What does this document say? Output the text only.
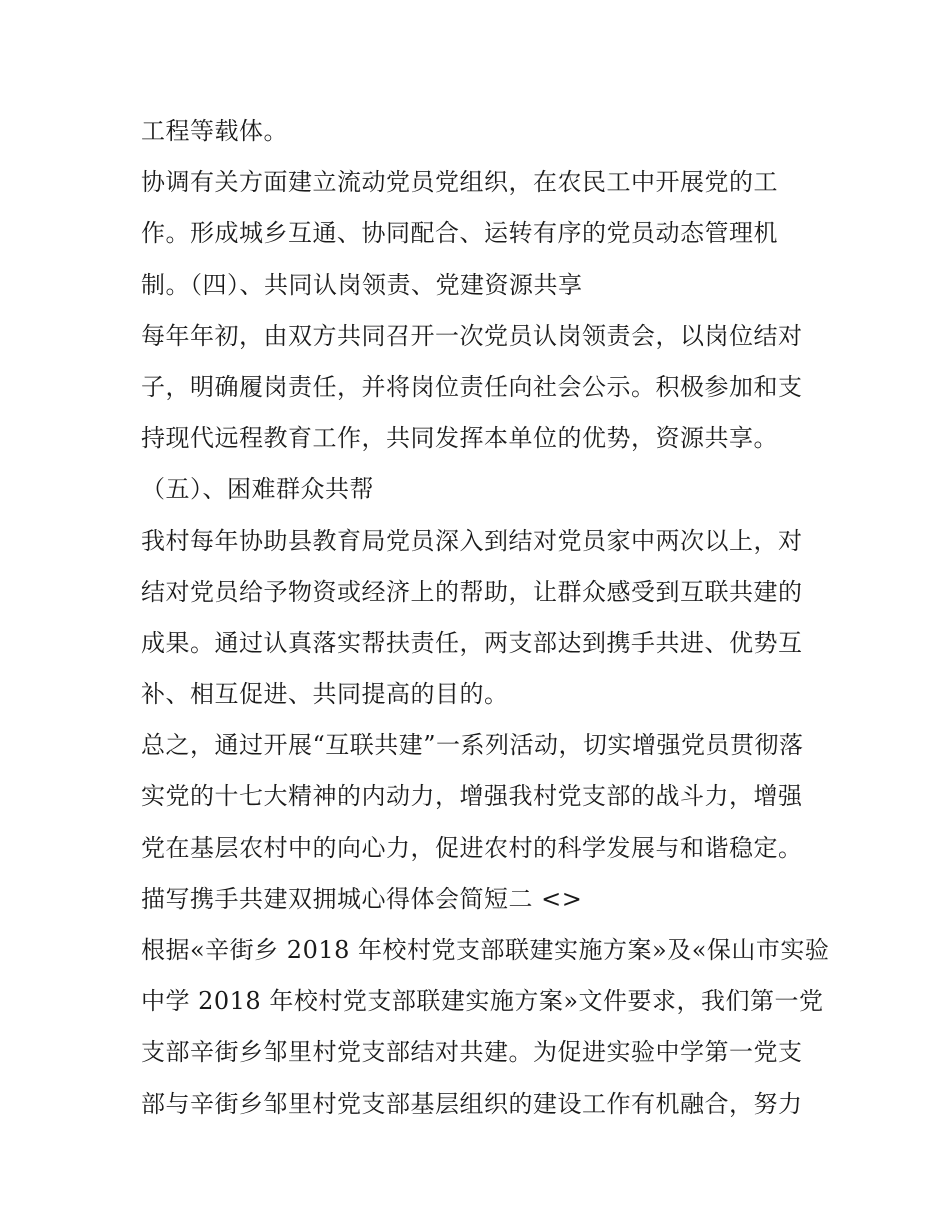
工程等载体。
协调有关方面建立流动党员党组织，在农民工中开展党的工
作。形成城乡互通、协同配合、运转有序的党员动态管理机
制。（四）、共同认岗领责、党建资源共享
每年年初，由双方共同召开一次党员认岗领责会，以岗位结对
子，明确履岗责任，并将岗位责任向社会公示。积极参加和支
持现代远程教育工作，共同发挥本单位的优势，资源共享。
（五）、困难群众共帮
我村每年协助县教育局党员深入到结对党员家中两次以上，对
结对党员给予物资或经济上的帮助，让群众感受到互联共建的
成果。通过认真落实帮扶责任，两支部达到携手共进、优势互
补、相互促进、共同提高的目的。
总之，通过开展“互联共建”一系列活动，切实增强党员贯彻落
实党的十七大精神的内动力，增强我村党支部的战斗力，增强
党在基层农村中的向心力，促进农村的科学发展与和谐稳定。
描写携手共建双拥城心得体会简短二 <>
根据«辛街乡 2018 年校村党支部联建实施方案»及«保山市实验
中学 2018 年校村党支部联建实施方案»文件要求，我们第一党
支部辛街乡邹里村党支部结对共建。为促进实验中学第一党支
部与辛街乡邹里村党支部基层组织的建设工作有机融合，努力
